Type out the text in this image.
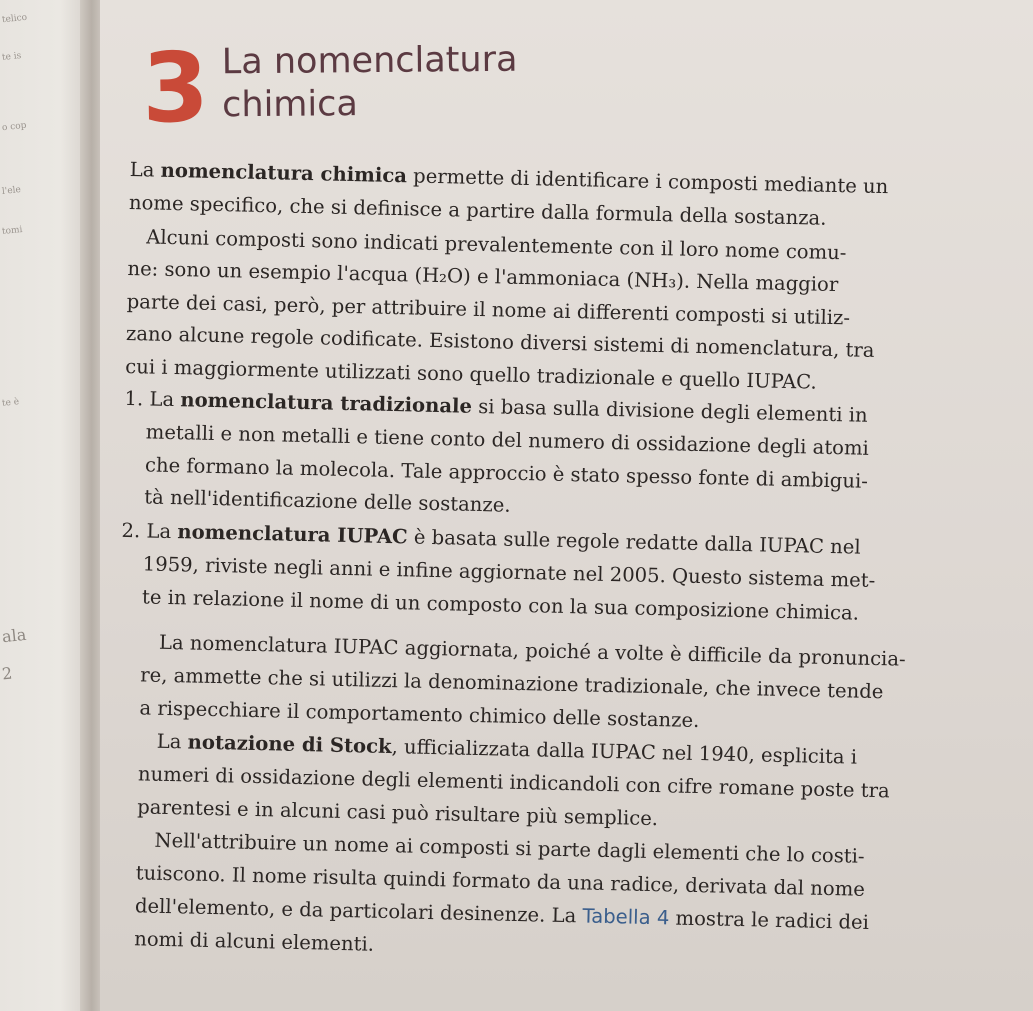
telico
te is
o cop
l'ele
tomi
te è
ala
2
3 La nomenclatura
chimica
La nomenclatura chimica permette di identificare i composti mediante un
nome specifico, che si definisce a partire dalla formula della sostanza.
Alcuni composti sono indicati prevalentemente con il loro nome comu-
ne: sono un esempio l'acqua (H₂O) e l'ammoniaca (NH₃). Nella maggior
parte dei casi, però, per attribuire il nome ai differenti composti si utiliz-
zano alcune regole codificate. Esistono diversi sistemi di nomenclatura, tra
cui i maggiormente utilizzati sono quello tradizionale e quello IUPAC.
1. La nomenclatura tradizionale si basa sulla divisione degli elementi in
metalli e non metalli e tiene conto del numero di ossidazione degli atomi
che formano la molecola. Tale approccio è stato spesso fonte di ambigui-
tà nell'identificazione delle sostanze.
2. La nomenclatura IUPAC è basata sulle regole redatte dalla IUPAC nel
1959, riviste negli anni e infine aggiornate nel 2005. Questo sistema met-
te in relazione il nome di un composto con la sua composizione chimica.
La nomenclatura IUPAC aggiornata, poiché a volte è difficile da pronuncia-
re, ammette che si utilizzi la denominazione tradizionale, che invece tende
a rispecchiare il comportamento chimico delle sostanze.
La notazione di Stock, ufficializzata dalla IUPAC nel 1940, esplicita i
numeri di ossidazione degli elementi indicandoli con cifre romane poste tra
parentesi e in alcuni casi può risultare più semplice.
Nell'attribuire un nome ai composti si parte dagli elementi che lo costi-
tuiscono. Il nome risulta quindi formato da una radice, derivata dal nome
dell'elemento, e da particolari desinenze. La Tabella 4 mostra le radici dei
nomi di alcuni elementi.
